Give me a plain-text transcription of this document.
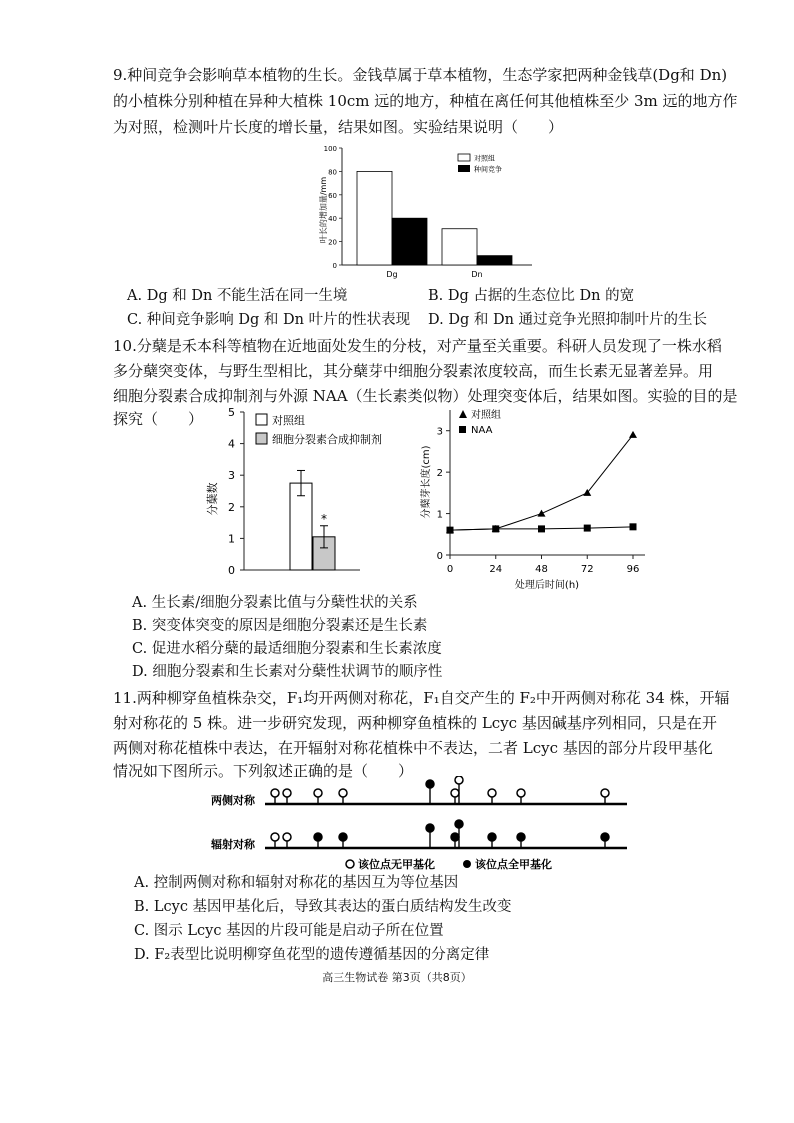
9.种间竞争会影响草本植物的生长。金钱草属于草本植物，生态学家把两种金钱草(Dg和 Dn)
的小植株分别种植在异种大植株 10cm 远的地方，种植在离任何其他植株至少 3m 远的地方作
为对照，检测叶片长度的增长量，结果如图。实验结果说明（　　）
0
20
40
60
80
100
Dg	Dn
叶长的增加量/mm
对照组
种间竞争
A. Dg 和 Dn 不能生活在同一生境	B. Dg 占据的生态位比 Dn 的宽
C. 种间竞争影响 Dg 和 Dn 叶片的性状表现 D. Dg 和 Dn 通过竞争光照抑制叶片的生长
10.分蘖是禾本科等植物在近地面处发生的分枝，对产量至关重要。科研人员发现了一株水稻
多分蘖突变体，与野生型相比，其分蘖芽中细胞分裂素浓度较高，而生长素无显著差异。用
细胞分裂素合成抑制剂与外源 NAA（生长素类似物）处理突变体后，结果如图。实验的目的是
探究（　　）
0
1
2
3
4
5
*
分蘖数
对照组
细胞分裂素合成抑制剂
0
1
2
3
0	24	48	72	96
分蘖芽长度(cm)
处理后时间(h)
对照组
NAA
A. 生长素/细胞分裂素比值与分蘖性状的关系
B. 突变体突变的原因是细胞分裂素还是生长素
C. 促进水稻分蘖的最适细胞分裂素和生长素浓度
D. 细胞分裂素和生长素对分蘖性状调节的顺序性
11.两种柳穿鱼植株杂交，F₁均开两侧对称花，F₁自交产生的 F₂中开两侧对称花 34 株，开辐
射对称花的 5 株。进一步研究发现，两种柳穿鱼植株的 Lcyc 基因碱基序列相同，只是在开
两侧对称花植株中表达，在开辐射对称花植株中不表达，二者 Lcyc 基因的部分片段甲基化
情况如下图所示。下列叙述正确的是（　　）
两侧对称
辐射对称
该位点无甲基化	该位点全甲基化
A. 控制两侧对称和辐射对称花的基因互为等位基因
B. Lcyc 基因甲基化后，导致其表达的蛋白质结构发生改变
C. 图示 Lcyc 基因的片段可能是启动子所在位置
D. F₂表型比说明柳穿鱼花型的遗传遵循基因的分离定律
高三生物试卷 第3页（共8页）
